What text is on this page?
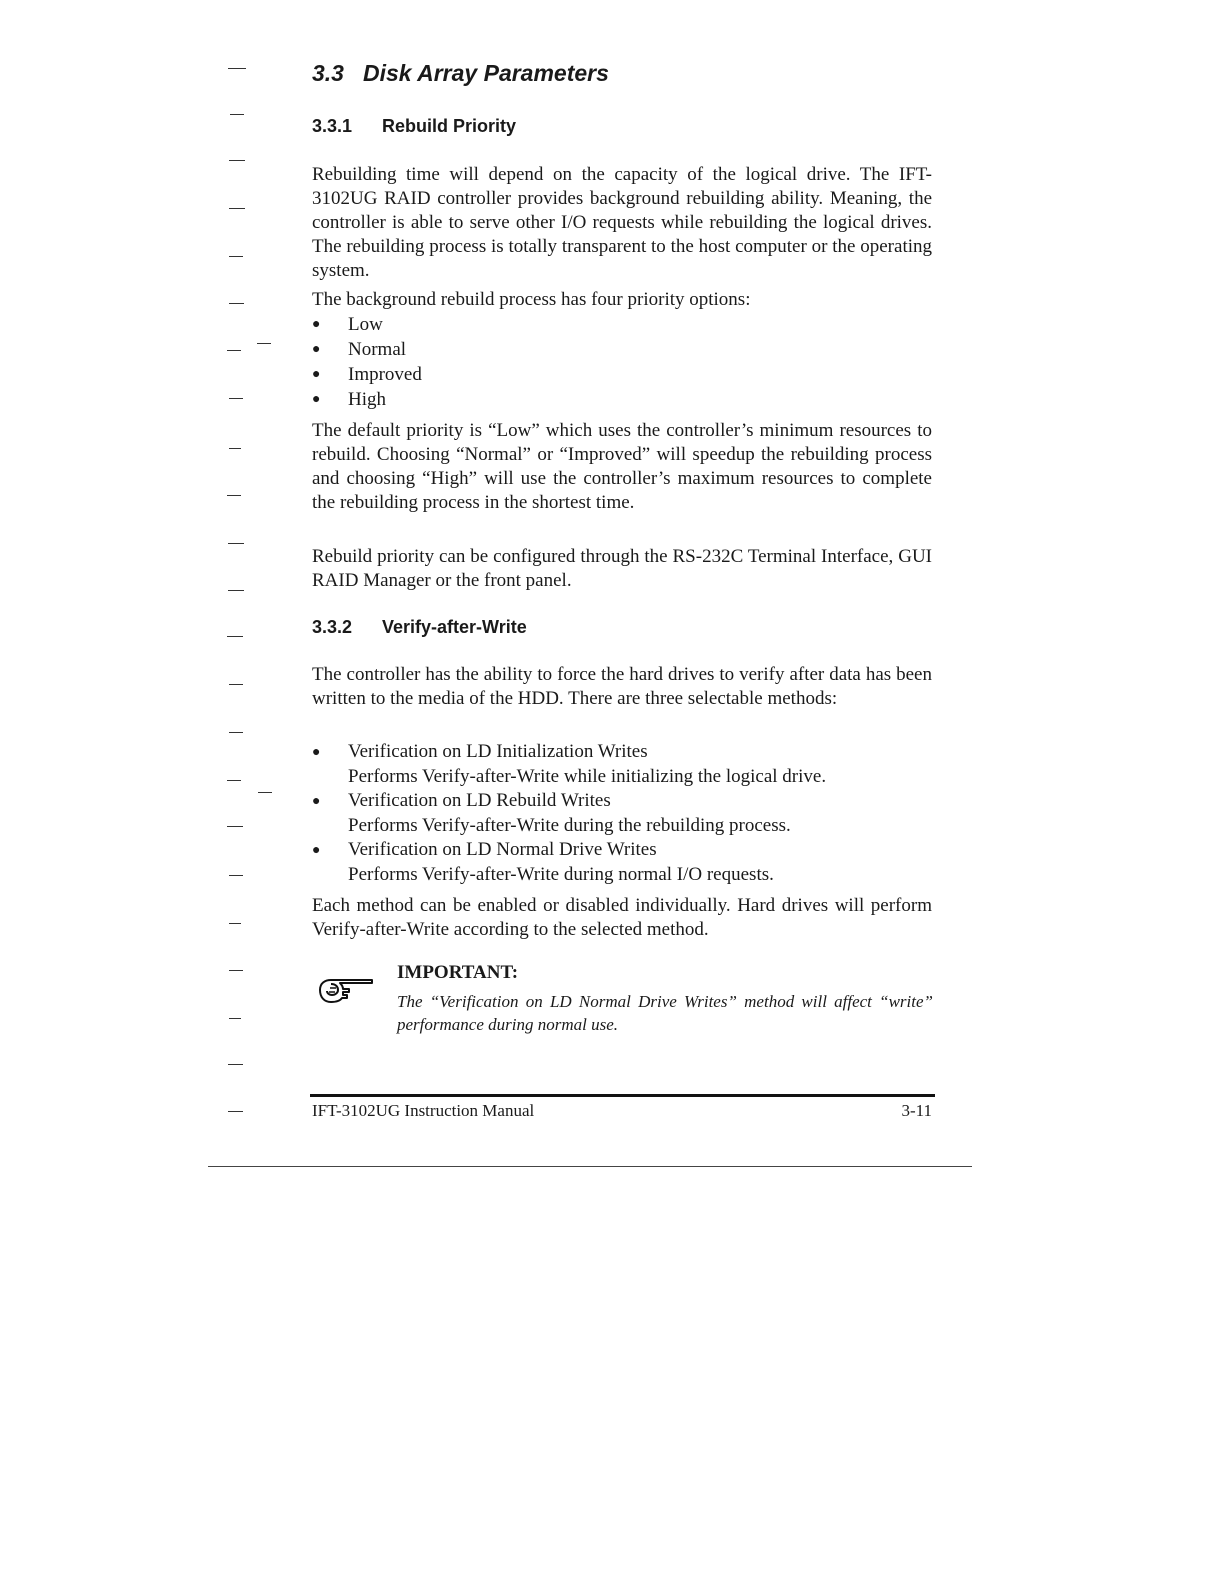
3.3 Disk Array Parameters
3.3.1 Rebuild Priority

Rebuilding time will depend on the capacity of the logical drive. The IFT-3102UG RAID controller provides background rebuilding ability. Meaning, the controller is able to serve other I/O requests while rebuilding the logical drives. The rebuilding process is totally transparent to the host computer or the operating system.

The background rebuild process has four priority options:

● Low
● Normal
● Improved
● High

The default priority is “Low” which uses the controller’s minimum resources to rebuild. Choosing “Normal” or “Improved” will speedup the rebuilding process and choosing “High” will use the controller’s maximum resources to complete the rebuilding process in the shortest time.

Rebuild priority can be configured through the RS-232C Terminal Interface, GUI RAID Manager or the front panel.

3.3.2 Verify-after-Write

The controller has the ability to force the hard drives to verify after data has been written to the media of the HDD. There are three selectable methods:

● Verification on LD Initialization Writes
Performs Verify-after-Write while initializing the logical drive.
● Verification on LD Rebuild Writes
Performs Verify-after-Write during the rebuilding process.
● Verification on LD Normal Drive Writes
Performs Verify-after-Write during normal I/O requests.

Each method can be enabled or disabled individually. Hard drives will perform Verify-after-Write according to the selected method.

IMPORTANT:

The “Verification on LD Normal Drive Writes” method will affect “write” performance during normal use.

IFT-3102UG Instruction Manual	3-11
